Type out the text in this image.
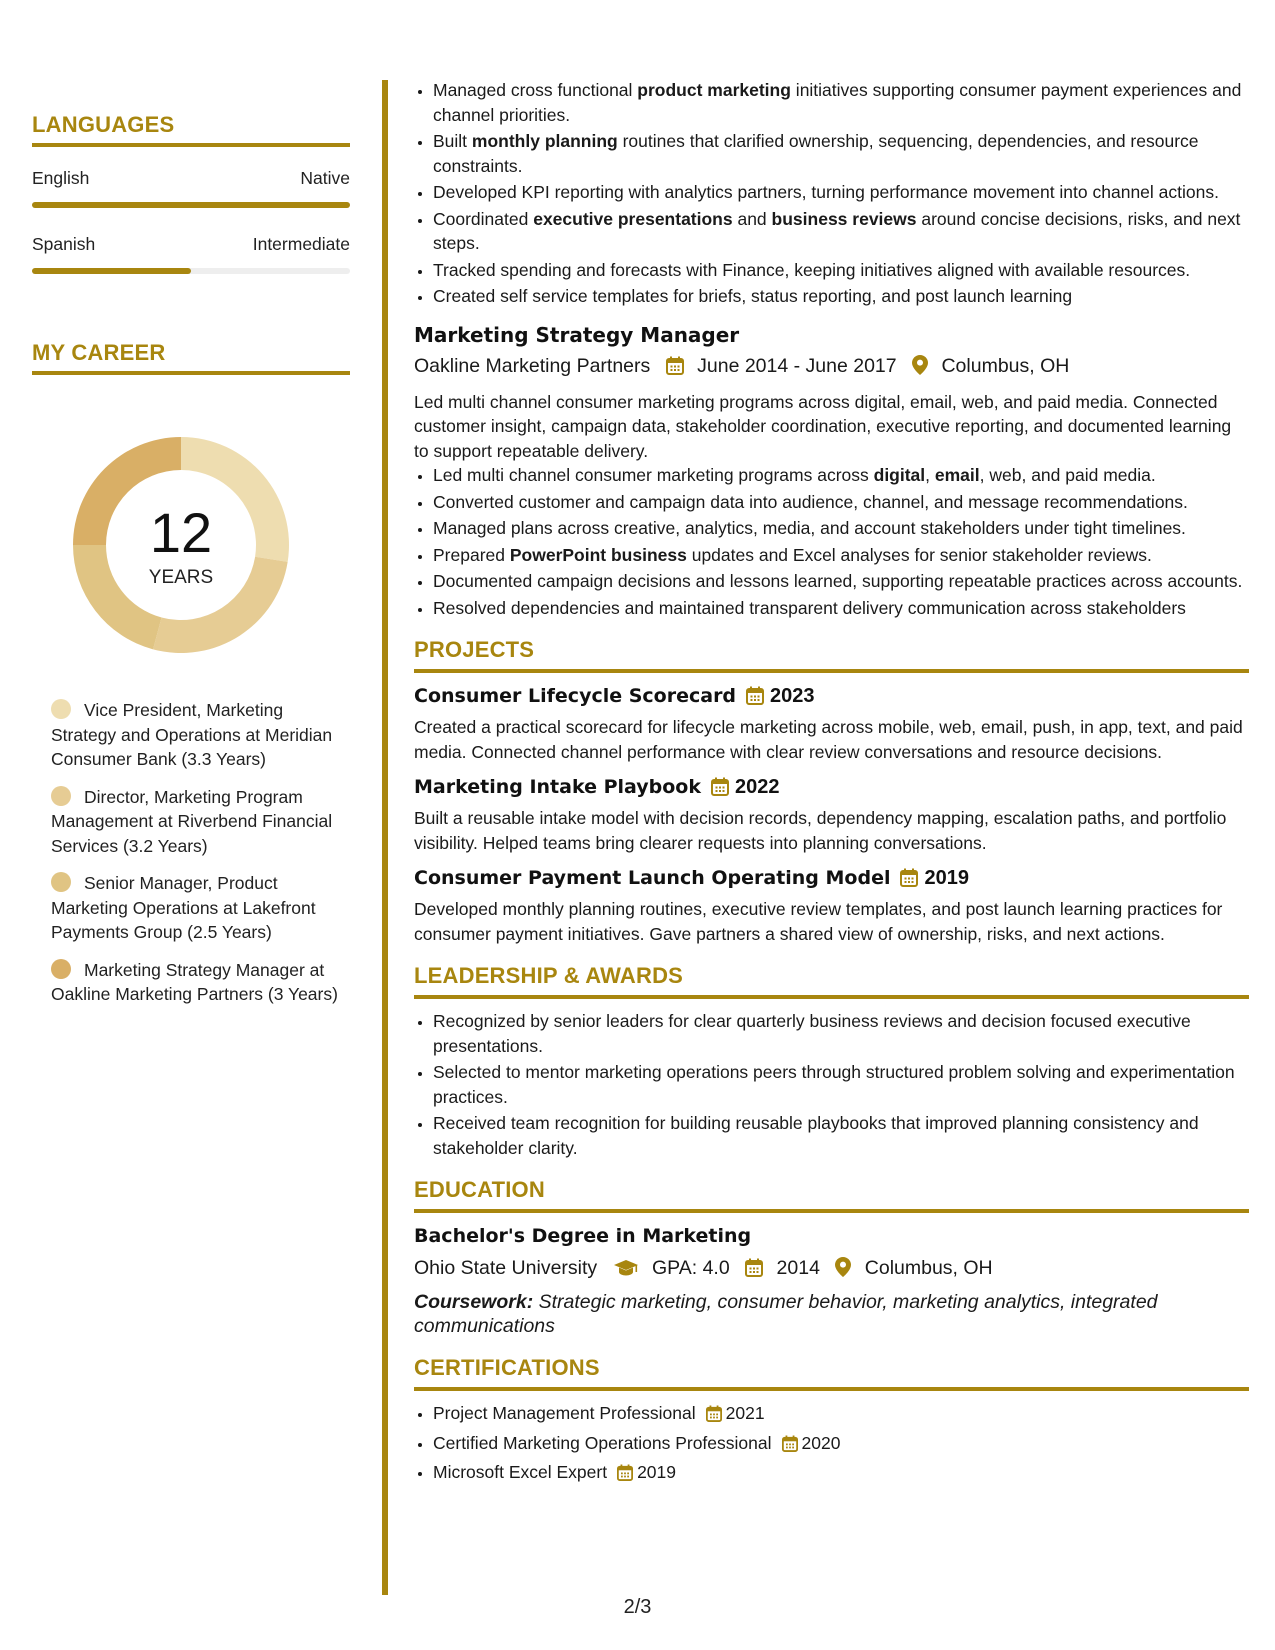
LANGUAGES
English	Native
Spanish	Intermediate
MY CAREER
12
YEARS
Vice President, Marketing Strategy and Operations at Meridian Consumer Bank (3.3 Years)
Director, Marketing Program Management at Riverbend Financial Services (3.2 Years)
Senior Manager, Product Marketing Operations at Lakefront Payments Group (2.5 Years)
Marketing Strategy Manager at Oakline Marketing Partners (3 Years)
• Managed cross functional product marketing initiatives supporting consumer payment experiences and channel priorities.
• Built monthly planning routines that clarified ownership, sequencing, dependencies, and resource constraints.
• Developed KPI reporting with analytics partners, turning performance movement into channel actions.
• Coordinated executive presentations and business reviews around concise decisions, risks, and next steps.
• Tracked spending and forecasts with Finance, keeping initiatives aligned with available resources.
• Created self service templates for briefs, status reporting, and post launch learning
Marketing Strategy Manager
Oakline Marketing Partners June 2014 - June 2017 Columbus, OH
Led multi channel consumer marketing programs across digital, email, web, and paid media. Connected customer insight, campaign data, stakeholder coordination, executive reporting, and documented learning to support repeatable delivery.
• Led multi channel consumer marketing programs across digital, email, web, and paid media.
• Converted customer and campaign data into audience, channel, and message recommendations.
• Managed plans across creative, analytics, media, and account stakeholders under tight timelines.
• Prepared PowerPoint business updates and Excel analyses for senior stakeholder reviews.
• Documented campaign decisions and lessons learned, supporting repeatable practices across accounts.
• Resolved dependencies and maintained transparent delivery communication across stakeholders
PROJECTS
Consumer Lifecycle Scorecard 2023
Created a practical scorecard for lifecycle marketing across mobile, web, email, push, in app, text, and paid media. Connected channel performance with clear review conversations and resource decisions.
Marketing Intake Playbook 2022
Built a reusable intake model with decision records, dependency mapping, escalation paths, and portfolio visibility. Helped teams bring clearer requests into planning conversations.
Consumer Payment Launch Operating Model 2019
Developed monthly planning routines, executive review templates, and post launch learning practices for consumer payment initiatives. Gave partners a shared view of ownership, risks, and next actions.
LEADERSHIP & AWARDS
• Recognized by senior leaders for clear quarterly business reviews and decision focused executive presentations.
• Selected to mentor marketing operations peers through structured problem solving and experimentation practices.
• Received team recognition for building reusable playbooks that improved planning consistency and stakeholder clarity.
EDUCATION
Bachelor's Degree in Marketing
Ohio State University	GPA: 4.0 2014 Columbus, OH
Coursework: Strategic marketing, consumer behavior, marketing analytics, integrated communications
CERTIFICATIONS
• Project Management Professional 2021
• Certified Marketing Operations Professional 2020
• Microsoft Excel Expert 2019
2/3
